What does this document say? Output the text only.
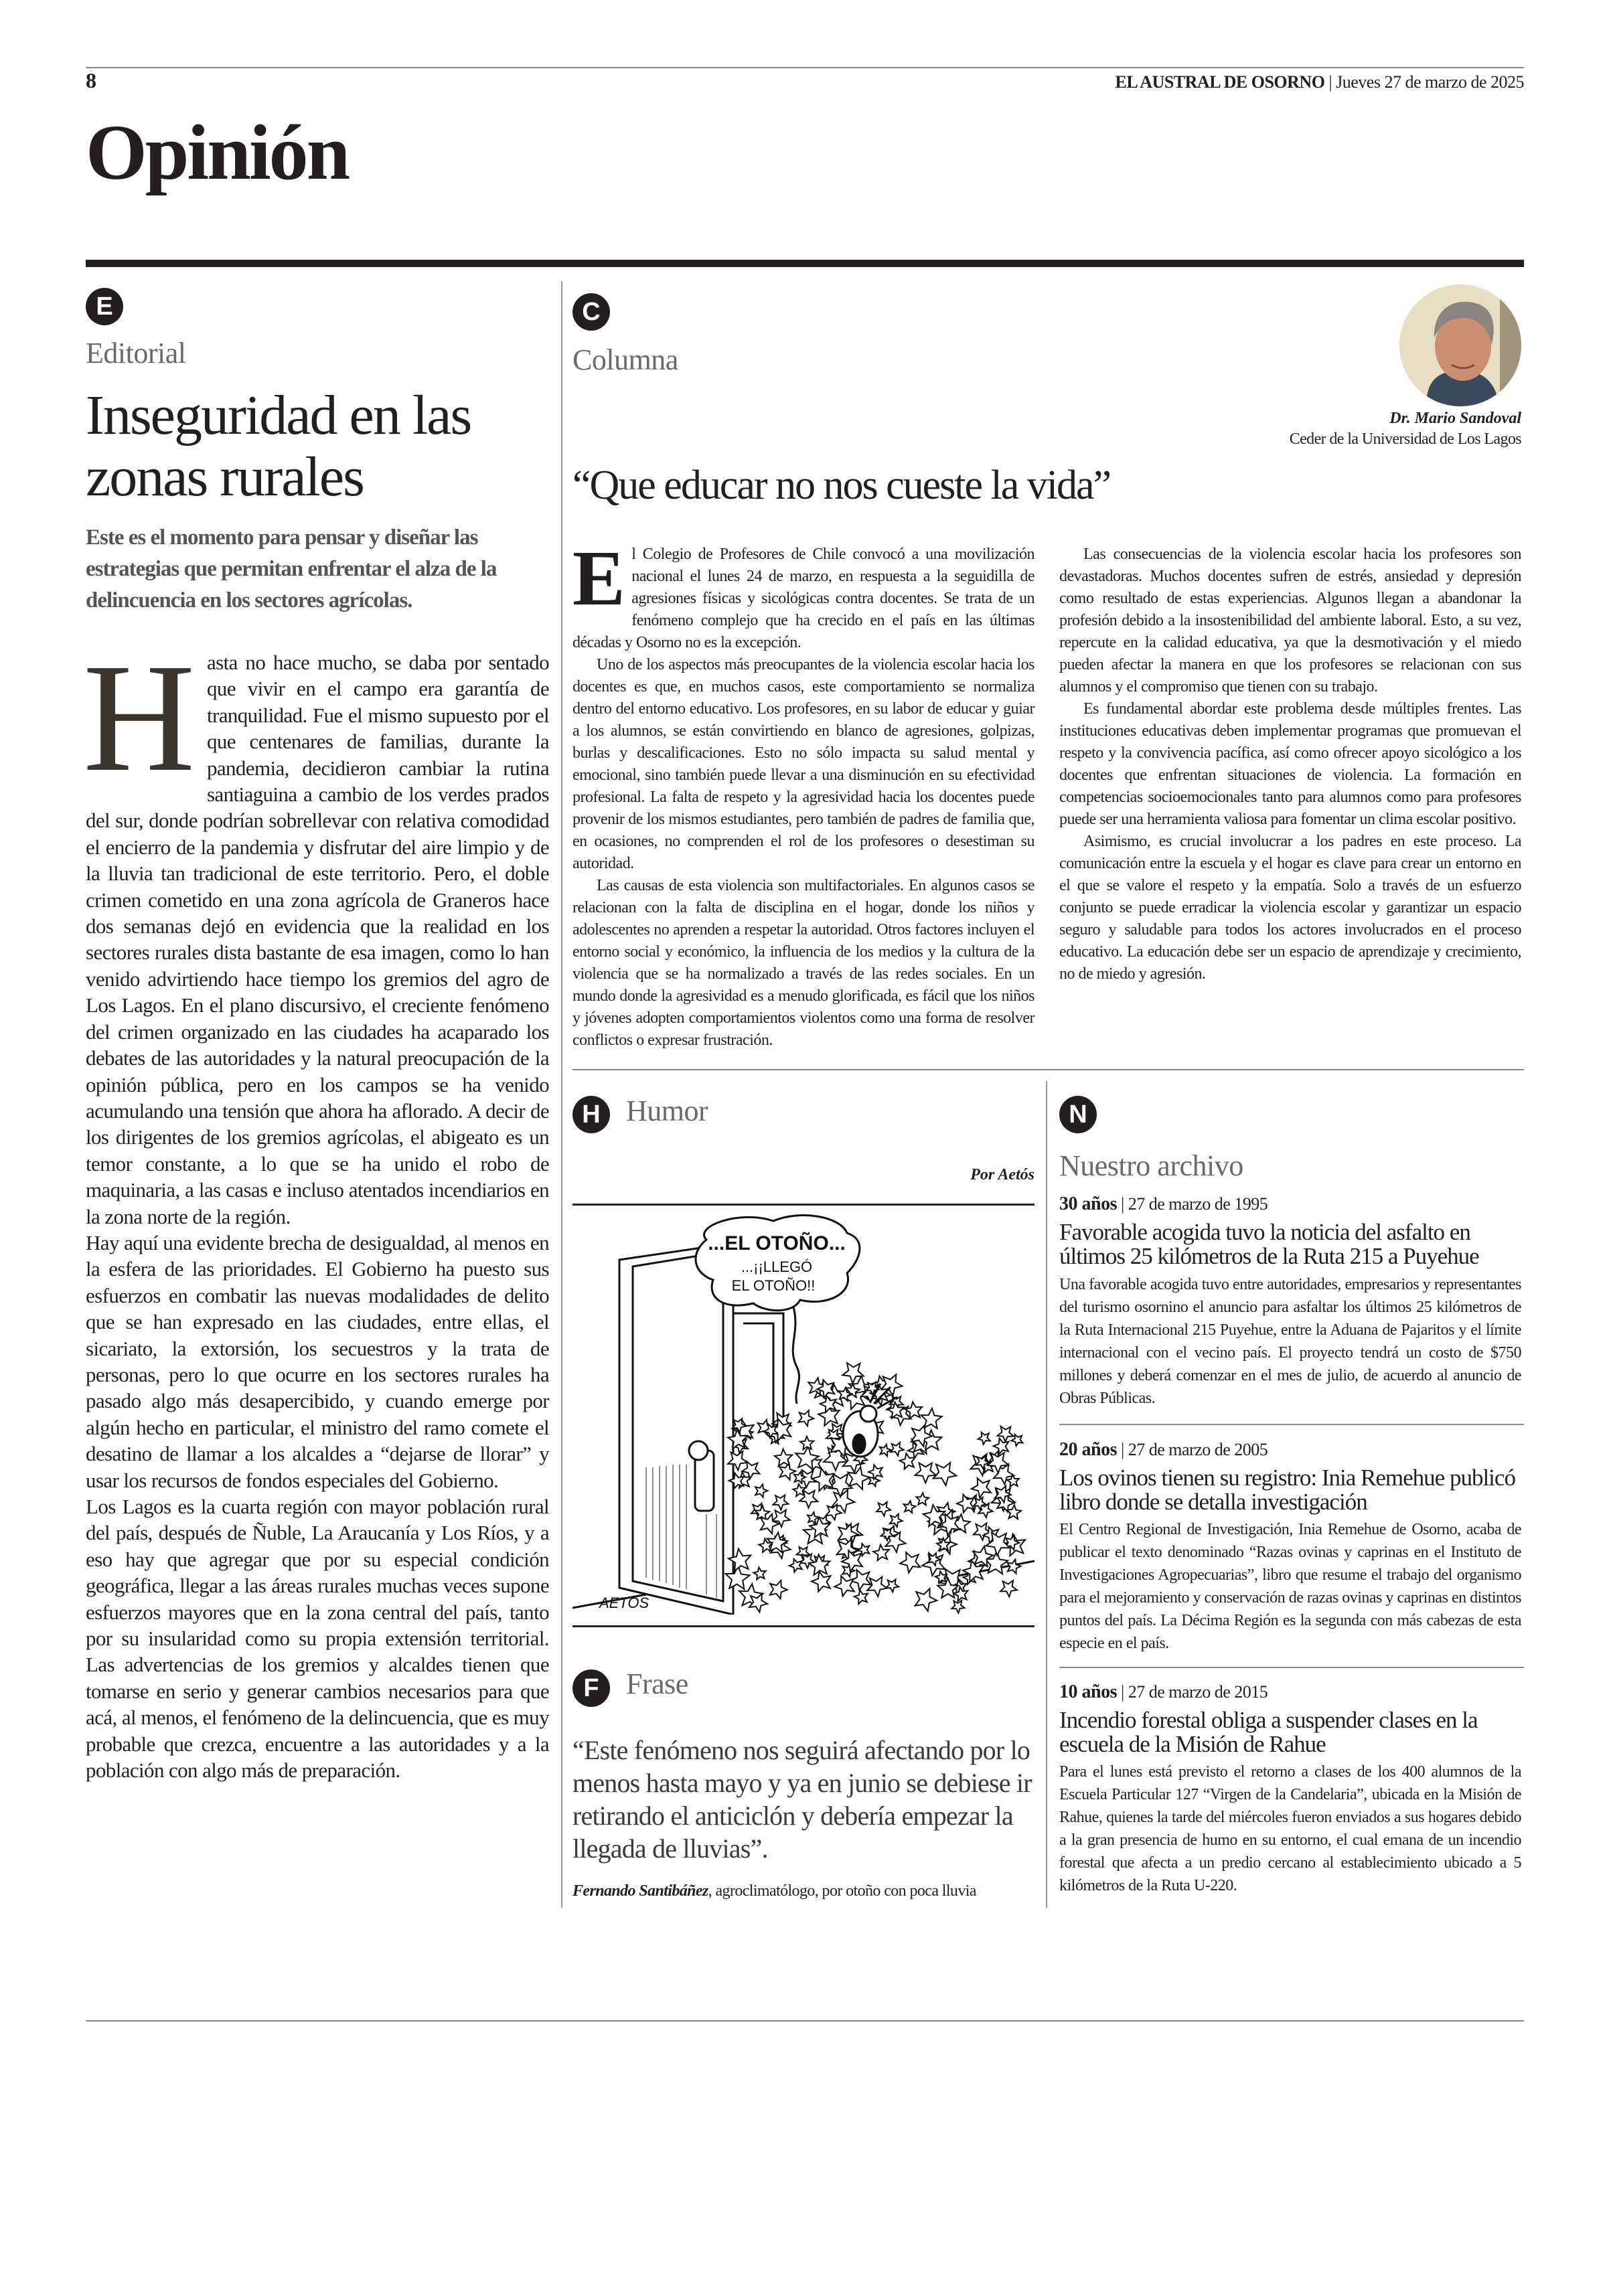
8	EL AUSTRAL DE OSORNO | Jueves 27 de marzo de 2025
Opinión
E
Editorial
Inseguridad en las zonas rurales
Este es el momento para pensar y diseñar las estrategias que permitan enfrentar el alza de la delincuencia en los sectores agrícolas.

Hasta no hace mucho, se daba por sentado que vivir en el campo era garantía de tranquilidad. Fue el mismo supuesto por el que centenares de familias, durante la pandemia, decidieron cambiar la rutina santiaguina a cambio de los verdes prados del sur, donde podrían sobrellevar con relativa comodidad el encierro de la pandemia y disfrutar del aire limpio y de la lluvia tan tradicional de este territorio. Pero, el doble crimen cometido en una zona agrícola de Graneros hace dos semanas dejó en evidencia que la realidad en los sectores rurales dista bastante de esa imagen, como lo han venido advirtiendo hace tiempo los gremios del agro de Los Lagos. En el plano discursivo, el creciente fenómeno del crimen organizado en las ciudades ha acaparado los debates de las autoridades y la natural preocupación de la opinión pública, pero en los campos se ha venido acumulando una tensión que ahora ha aflorado. A decir de los dirigentes de los gremios agrícolas, el abigeato es un temor constante, a lo que se ha unido el robo de maquinaria, a las casas e incluso atentados incendiarios en la zona norte de la región.

Hay aquí una evidente brecha de desigualdad, al menos en la esfera de las prioridades. El Gobierno ha puesto sus esfuerzos en combatir las nuevas modalidades de delito que se han expresado en las ciudades, entre ellas, el sicariato, la extorsión, los secuestros y la trata de personas, pero lo que ocurre en los sectores rurales ha pasado algo más desapercibido, y cuando emerge por algún hecho en particular, el ministro del ramo comete el desatino de llamar a los alcaldes a “dejarse de llorar” y usar los recursos de fondos especiales del Gobierno.

Los Lagos es la cuarta región con mayor población rural del país, después de Ñuble, La Araucanía y Los Ríos, y a eso hay que agregar que por su especial condición geográfica, llegar a las áreas rurales muchas veces supone esfuerzos mayores que en la zona central del país, tanto por su insularidad como su propia extensión territorial. Las advertencias de los gremios y alcaldes tienen que tomarse en serio y generar cambios necesarios para que acá, al menos, el fenómeno de la delincuencia, que es muy probable que crezca, encuentre a las autoridades y a la población con algo más de preparación.

C
Columna
Dr. Mario Sandoval
Ceder de la Universidad de Los Lagos
“Que educar no nos cueste la vida”

El Colegio de Profesores de Chile convocó a una movilización nacional el lunes 24 de marzo, en respuesta a la seguidilla de agresiones físicas y sicológicas contra docentes. Se trata de un fenómeno complejo que ha crecido en el país en las últimas décadas y Osorno no es la excepción.

Uno de los aspectos más preocupantes de la violencia escolar hacia los docentes es que, en muchos casos, este comportamiento se normaliza dentro del entorno educativo. Los profesores, en su labor de educar y guiar a los alumnos, se están convirtiendo en blanco de agresiones, golpizas, burlas y descalificaciones. Esto no sólo impacta su salud mental y emocional, sino también puede llevar a una disminución en su efectividad profesional. La falta de respeto y la agresividad hacia los docentes puede provenir de los mismos estudiantes, pero también de padres de familia que, en ocasiones, no comprenden el rol de los profesores o desestiman su autoridad.

Las causas de esta violencia son multifactoriales. En algunos casos se relacionan con la falta de disciplina en el hogar, donde los niños y adolescentes no aprenden a respetar la autoridad. Otros factores incluyen el entorno social y económico, la influencia de los medios y la cultura de la violencia que se ha normalizado a través de las redes sociales. En un mundo donde la agresividad es a menudo glorificada, es fácil que los niños y jóvenes adopten comportamientos violentos como una forma de resolver conflictos o expresar frustración.

Las consecuencias de la violencia escolar hacia los profesores son devastadoras. Muchos docentes sufren de estrés, ansiedad y depresión como resultado de estas experiencias. Algunos llegan a abandonar la profesión debido a la insostenibilidad del ambiente laboral. Esto, a su vez, repercute en la calidad educativa, ya que la desmotivación y el miedo pueden afectar la manera en que los profesores se relacionan con sus alumnos y el compromiso que tienen con su trabajo.

Es fundamental abordar este problema desde múltiples frentes. Las instituciones educativas deben implementar programas que promuevan el respeto y la convivencia pacífica, así como ofrecer apoyo sicológico a los docentes que enfrentan situaciones de violencia. La formación en competencias socioemocionales tanto para alumnos como para profesores puede ser una herramienta valiosa para fomentar un clima escolar positivo.

Asimismo, es crucial involucrar a los padres en este proceso. La comunicación entre la escuela y el hogar es clave para crear un entorno en el que se valore el respeto y la empatía. Solo a través de un esfuerzo conjunto se puede erradicar la violencia escolar y garantizar un espacio seguro y saludable para todos los actores involucrados en el proceso educativo. La educación debe ser un espacio de aprendizaje y crecimiento, no de miedo y agresión.

H Humor
Por Aetós
...EL OTOÑO...
...¡¡LLEGÓ
EL OTOÑO!!
AETOS
F Frase
“Este fenómeno nos seguirá afectando por lo menos hasta mayo y ya en junio se debiese ir retirando el anticiclón y debería empezar la llegada de lluvias”.
Fernando Santibáñez, agroclimatólogo, por otoño con poca lluvia
N
Nuestro archivo
30 años | 27 de marzo de 1995
Favorable acogida tuvo la noticia del asfalto en últimos 25 kilómetros de la Ruta 215 a Puyehue
Una favorable acogida tuvo entre autoridades, empresarios y representantes del turismo osornino el anuncio para asfaltar los últimos 25 kilómetros de la Ruta Internacional 215 Puyehue, entre la Aduana de Pajaritos y el límite internacional con el vecino país. El proyecto tendrá un costo de $750 millones y deberá comenzar en el mes de julio, de acuerdo al anuncio de Obras Públicas.
20 años | 27 de marzo de 2005
Los ovinos tienen su registro: Inia Remehue publicó libro donde se detalla investigación
El Centro Regional de Investigación, Inia Remehue de Osorno, acaba de publicar el texto denominado “Razas ovinas y caprinas en el Instituto de Investigaciones Agropecuarias”, libro que resume el trabajo del organismo para el mejoramiento y conservación de razas ovinas y caprinas en distintos puntos del país. La Décima Región es la segunda con más cabezas de esta especie en el país.
10 años | 27 de marzo de 2015
Incendio forestal obliga a suspender clases en la escuela de la Misión de Rahue
Para el lunes está previsto el retorno a clases de los 400 alumnos de la Escuela Particular 127 “Virgen de la Candelaria”, ubicada en la Misión de Rahue, quienes la tarde del miércoles fueron enviados a sus hogares debido a la gran presencia de humo en su entorno, el cual emana de un incendio forestal que afecta a un predio cercano al establecimiento ubicado a 5 kilómetros de la Ruta U-220.
